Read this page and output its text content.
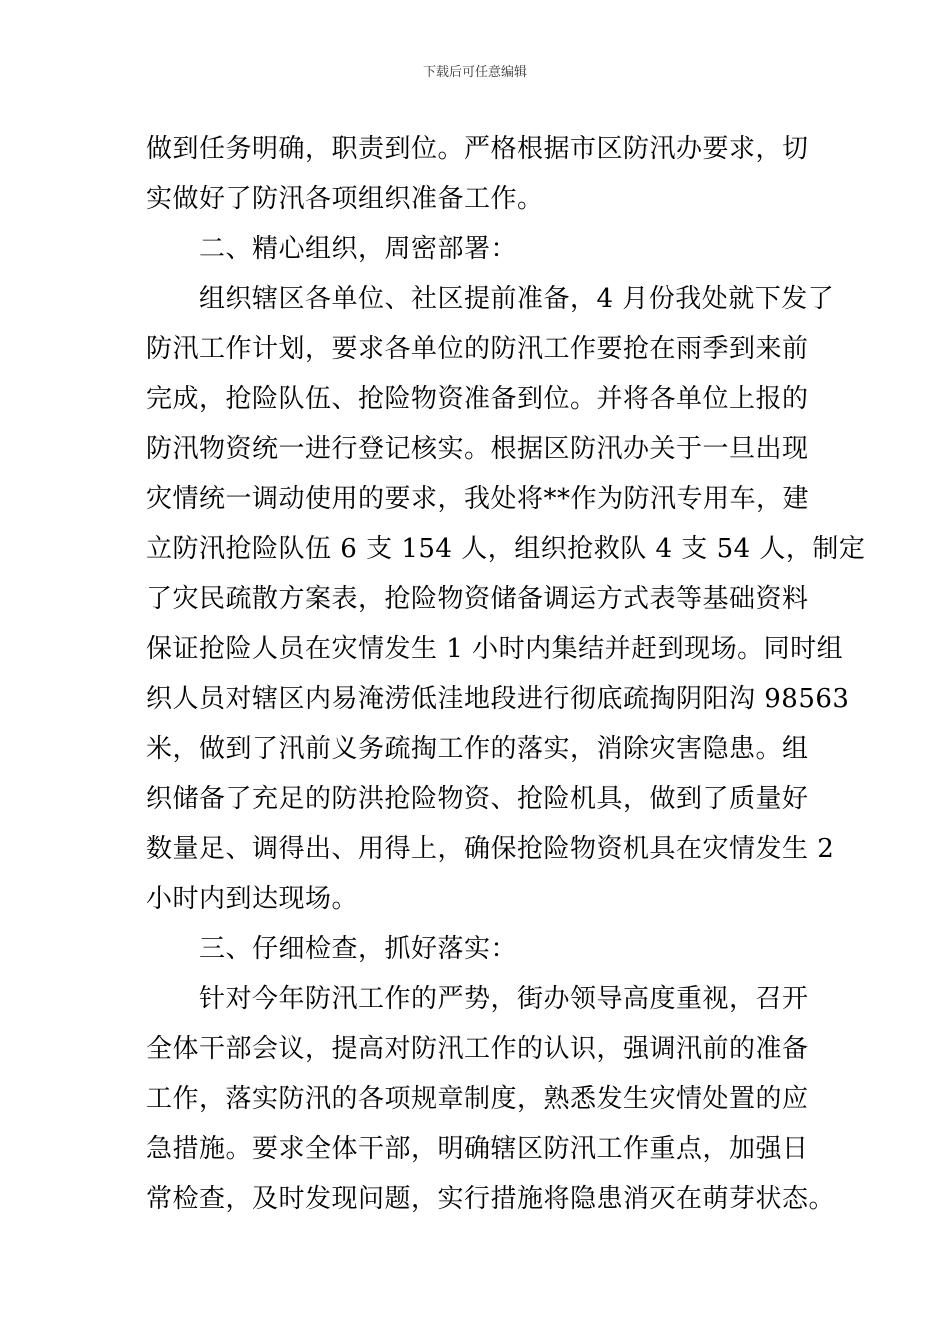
下载后可任意编辑
做到任务明确，职责到位。严格根据市区防汛办要求，切
实做好了防汛各项组织准备工作。
　　二、精心组织，周密部署：
　　组织辖区各单位、社区提前准备，4 月份我处就下发了
防汛工作计划，要求各单位的防汛工作要抢在雨季到来前
完成，抢险队伍、抢险物资准备到位。并将各单位上报的
防汛物资统一进行登记核实。根据区防汛办关于一旦出现
灾情统一调动使用的要求，我处将**作为防汛专用车，建
立防汛抢险队伍 6 支 154 人，组织抢救队 4 支 54 人，制定
了灾民疏散方案表，抢险物资储备调运方式表等基础资料
保证抢险人员在灾情发生 1 小时内集结并赶到现场。同时组
织人员对辖区内易淹涝低洼地段进行彻底疏掏阴阳沟 98563
米，做到了汛前义务疏掏工作的落实，消除灾害隐患。组
织储备了充足的防洪抢险物资、抢险机具，做到了质量好
数量足、调得出、用得上，确保抢险物资机具在灾情发生 2
小时内到达现场。
　　三、仔细检查，抓好落实：
　　针对今年防汛工作的严势，街办领导高度重视，召开
全体干部会议，提高对防汛工作的认识，强调汛前的准备
工作，落实防汛的各项规章制度，熟悉发生灾情处置的应
急措施。要求全体干部，明确辖区防汛工作重点，加强日
常检查，及时发现问题，实行措施将隐患消灭在萌芽状态。
